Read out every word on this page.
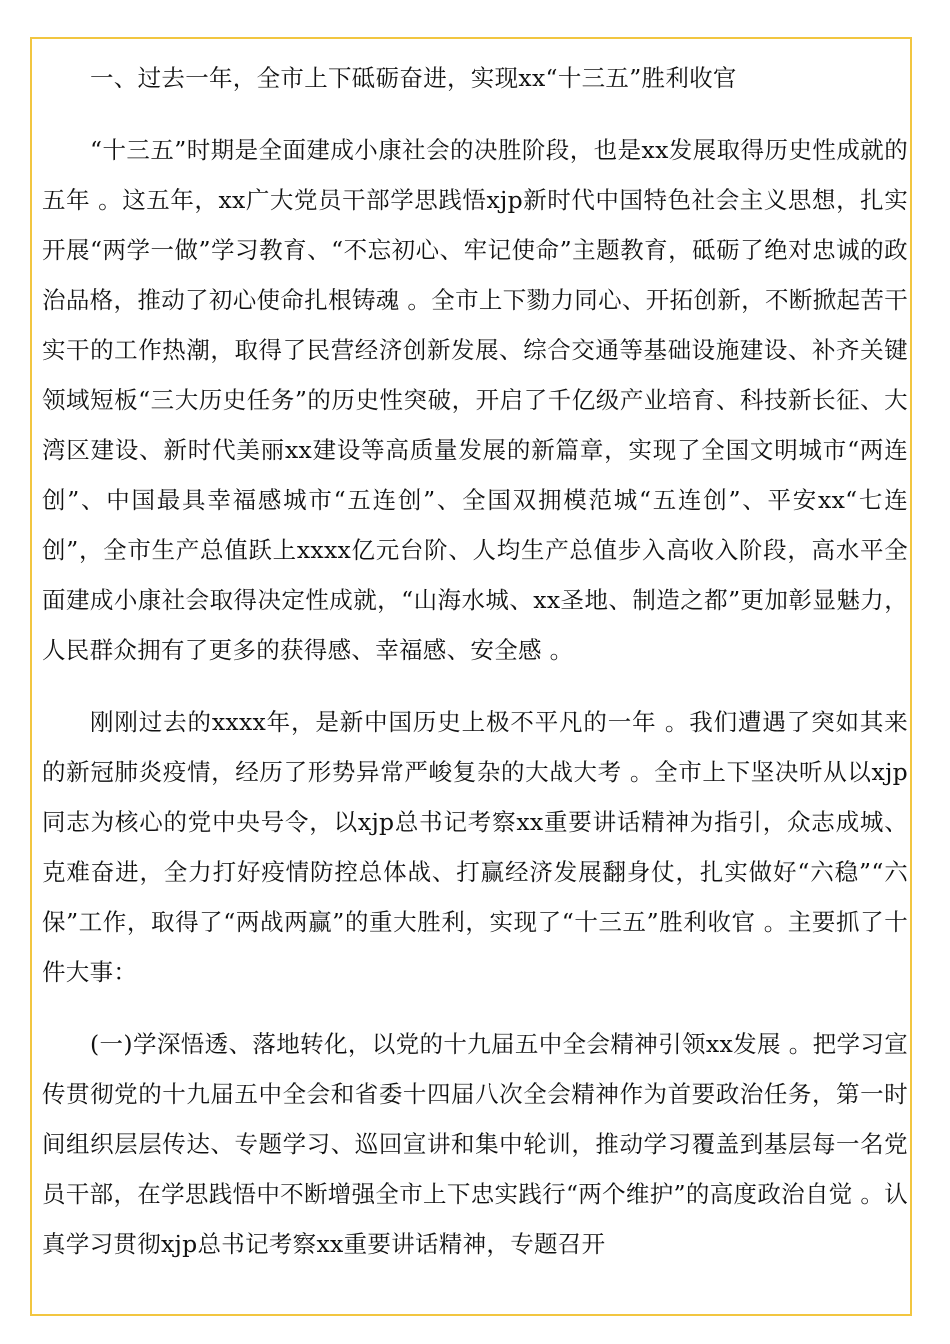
一、过去一年，全市上下砥砺奋进，实现xx“十三五”胜利收官

“十三五”时期是全面建成小康社会的决胜阶段，也是xx发展取得历史性成就的五年 。这五年，xx广大党员干部学思践悟xjp新时代中国特色社会主义思想，扎实开展“两学一做”学习教育、“不忘初心、牢记使命”主题教育，砥砺了绝对忠诚的政治品格，推动了初心使命扎根铸魂 。全市上下勠力同心、开拓创新，不断掀起苦干实干的工作热潮，取得了民营经济创新发展、综合交通等基础设施建设、补齐关键领域短板“三大历史任务”的历史性突破，开启了千亿级产业培育、科技新长征、大湾区建设、新时代美丽xx建设等高质量发展的新篇章，实现了全国文明城市“两连创”、中国最具幸福感城市“五连创”、全国双拥模范城“五连创”、平安xx“七连创”，全市生产总值跃上xxxx亿元台阶、人均生产总值步入高收入阶段，高水平全面建成小康社会取得决定性成就，“山海水城、xx圣地、制造之都”更加彰显魅力，人民群众拥有了更多的获得感、幸福感、安全感 。

刚刚过去的xxxx年，是新中国历史上极不平凡的一年 。我们遭遇了突如其来的新冠肺炎疫情，经历了形势异常严峻复杂的大战大考 。全市上下坚决听从以xjp同志为核心的党中央号令，以xjp总书记考察xx重要讲话精神为指引，众志成城、克难奋进，全力打好疫情防控总体战、打赢经济发展翻身仗，扎实做好“六稳”“六保”工作，取得了“两战两赢”的重大胜利，实现了“十三五”胜利收官 。主要抓了十件大事：

(一)学深悟透、落地转化，以党的十九届五中全会精神引领xx发展 。把学习宣传贯彻党的十九届五中全会和省委十四届八次全会精神作为首要政治任务，第一时间组织层层传达、专题学习、巡回宣讲和集中轮训，推动学习覆盖到基层每一名党员干部，在学思践悟中不断增强全市上下忠实践行“两个维护”的高度政治自觉 。认真学习贯彻xjp总书记考察xx重要讲话精神，专题召开
